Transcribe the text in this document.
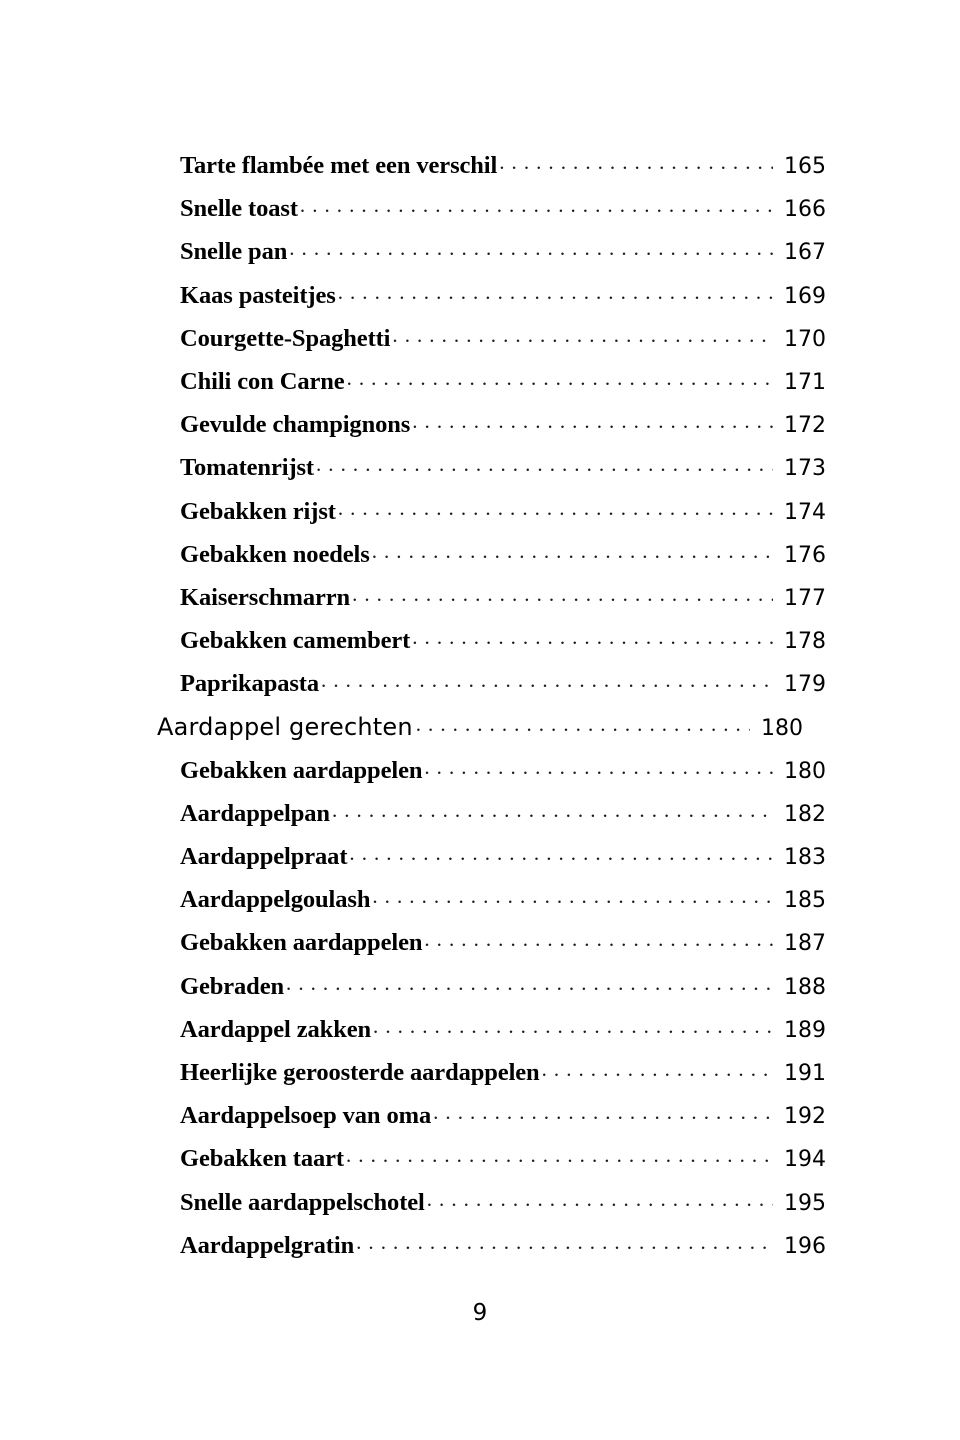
Tarte flambée met een verschil . . .	165
Snelle toast . . .	166
Snelle pan . . .	167
Kaas pasteitjes . . .	169
Courgette-Spaghetti . . .	170
Chili con Carne . . .	171
Gevulde champignons . . .	172
Tomatenrijst . . .	173
Gebakken rijst . . .	174
Gebakken noedels . . .	176
Kaiserschmarrn . . .	177
Gebakken camembert . . .	178
Paprikapasta . . .	179
Aardappel gerechten . . .	180
Gebakken aardappelen . . .	180
Aardappelpan . . .	182
Aardappelpraat . . .	183
Aardappelgoulash . . .	185
Gebakken aardappelen . . .	187
Gebraden . . .	188
Aardappel zakken . . .	189
Heerlijke geroosterde aardappelen . . .	191
Aardappelsoep van oma . . .	192
Gebakken taart . . .	194
Snelle aardappelschotel . . .	195
Aardappelgratin . . .	196
9
